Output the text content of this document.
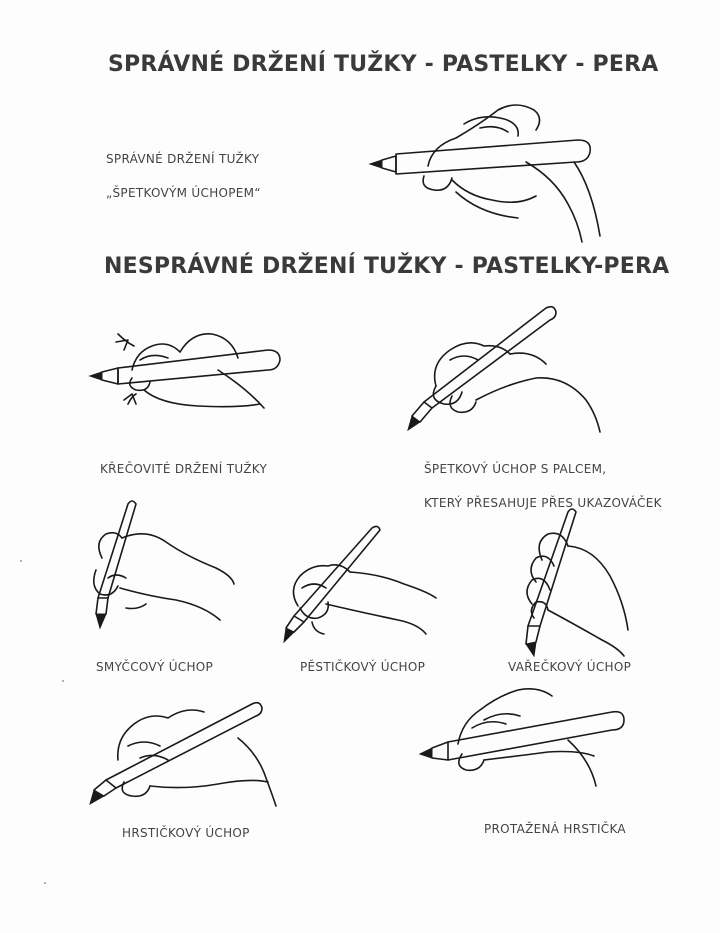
SPRÁVNÉ DRŽENÍ TUŽKY - PASTELKY - PERA
SPRÁVNÉ DRŽENÍ TUŽKY
„ŠPETKOVÝM ÚCHOPEM“
NESPRÁVNÉ DRŽENÍ TUŽKY - PASTELKY-PERA
KŘEČOVITÉ DRŽENÍ TUŽKY	ŠPETKOVÝ ÚCHOP S PALCEM,
KTERÝ PŘESAHUJE PŘES UKAZOVÁČEK
SMYČCOVÝ ÚCHOP	PĚSTIČKOVÝ ÚCHOP	VAŘEČKOVÝ ÚCHOP
HRSTIČKOVÝ ÚCHOP	PROTAŽENÁ HRSTIČKA
